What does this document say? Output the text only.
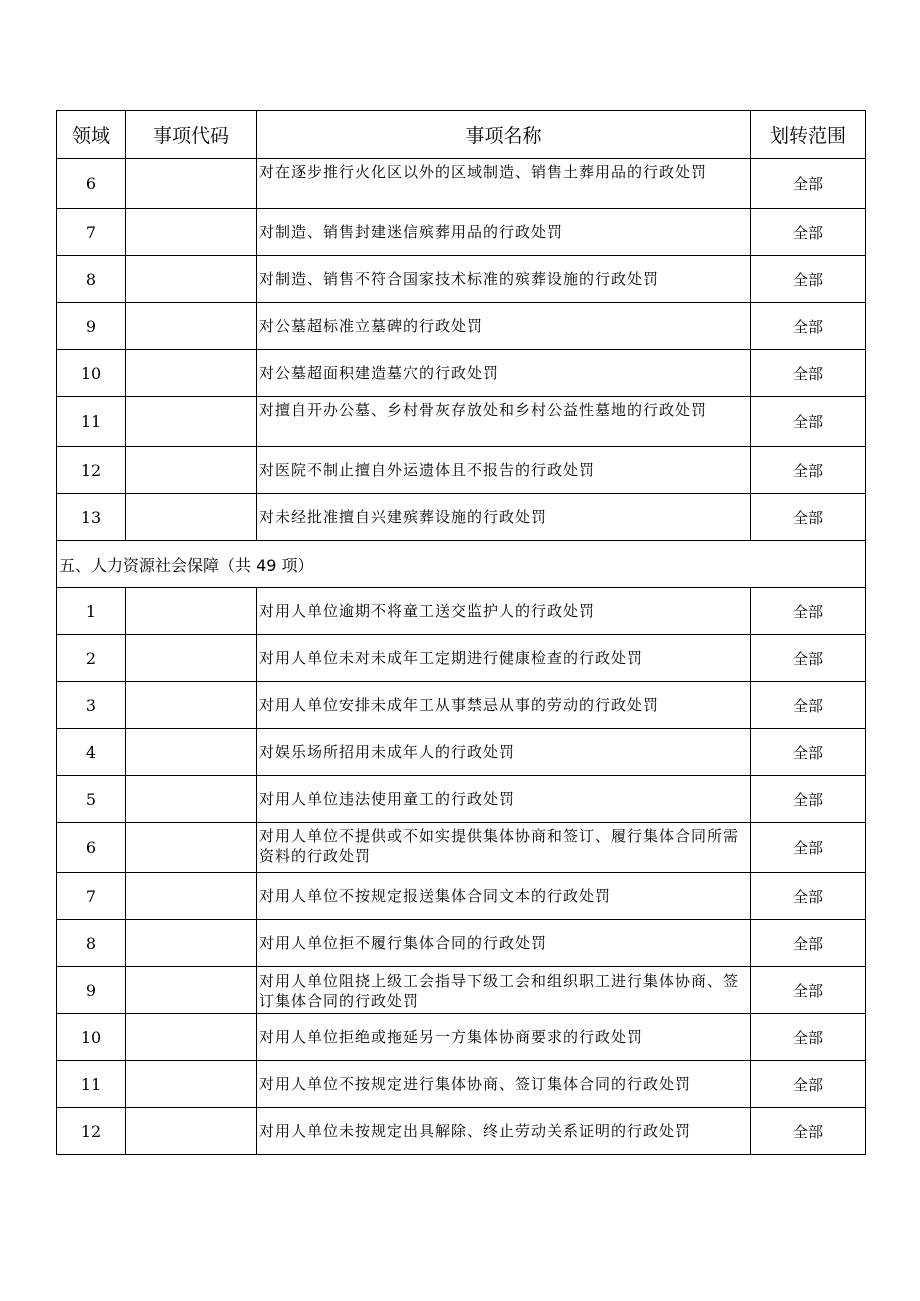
领域	事项代码	事项名称	划转范围
6		对在逐步推行火化区以外的区域制造、销售土葬用品的行政处罚	全部
7		对制造、销售封建迷信殡葬用品的行政处罚	全部
8		对制造、销售不符合国家技术标准的殡葬设施的行政处罚	全部
9		对公墓超标准立墓碑的行政处罚	全部
10		对公墓超面积建造墓穴的行政处罚	全部
11		对擅自开办公墓、乡村骨灰存放处和乡村公益性墓地的行政处罚	全部
12		对医院不制止擅自外运遗体且不报告的行政处罚	全部
13		对未经批准擅自兴建殡葬设施的行政处罚	全部
五、人力资源社会保障（共 49 项）			
1		对用人单位逾期不将童工送交监护人的行政处罚	全部
2		对用人单位未对未成年工定期进行健康检查的行政处罚	全部
3		对用人单位安排未成年工从事禁忌从事的劳动的行政处罚	全部
4		对娱乐场所招用未成年人的行政处罚	全部
5		对用人单位违法使用童工的行政处罚	全部
6		对用人单位不提供或不如实提供集体协商和签订、履行集体合同所需资料的行政处罚	全部
7		对用人单位不按规定报送集体合同文本的行政处罚	全部
8		对用人单位拒不履行集体合同的行政处罚	全部
9		对用人单位阻挠上级工会指导下级工会和组织职工进行集体协商、签订集体合同的行政处罚	全部
10		对用人单位拒绝或拖延另一方集体协商要求的行政处罚	全部
11		对用人单位不按规定进行集体协商、签订集体合同的行政处罚	全部
12		对用人单位未按规定出具解除、终止劳动关系证明的行政处罚	全部
